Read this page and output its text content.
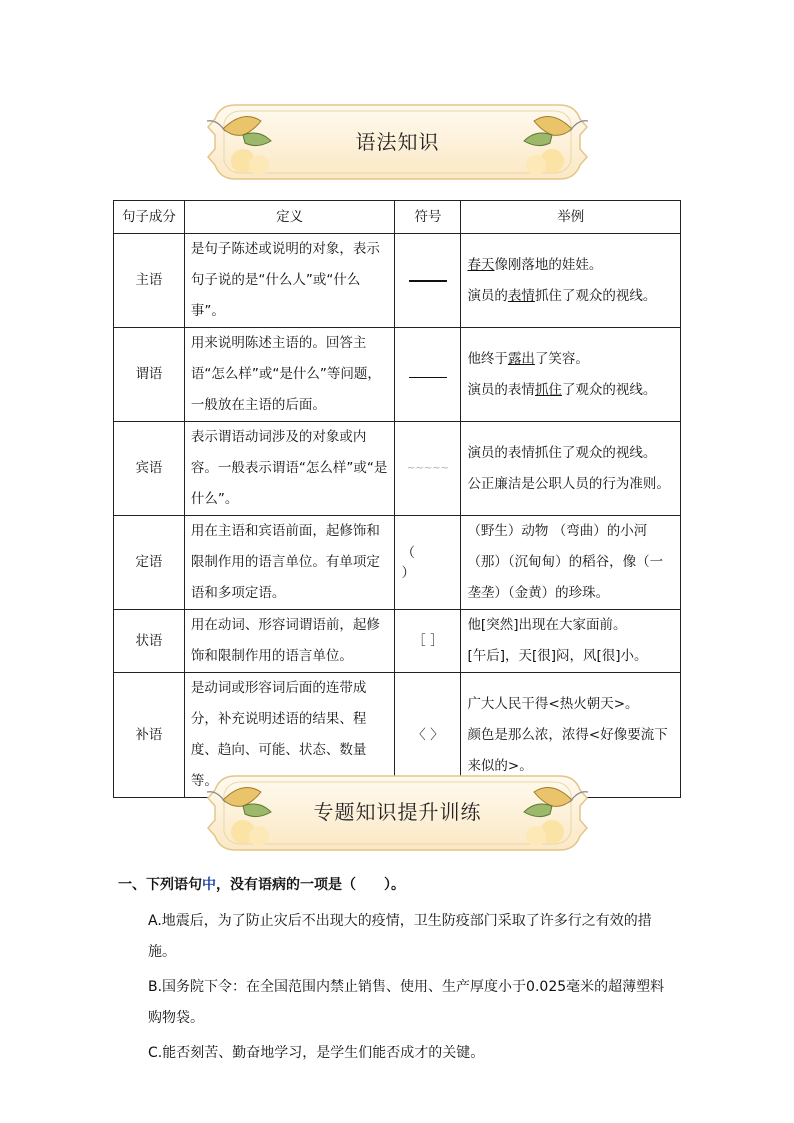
语法知识
句子成分	定义	符号	举例
主语	是句子陈述或说明的对象，表示句子说的是“什么人”或“什么事”。		春天像刚落地的娃娃。
演员的表情抓住了观众的视线。

谓语	用来说明陈述主语的。回答主语“怎么样”或“是什么”等问题，一般放在主语的后面。		他终于露出了笑容。
演员的表情抓住了观众的视线。

宾语	表示谓语动词涉及的对象或内容。一般表示谓语“怎么样”或“是什么”。	~~~~~	演员的表情抓住了观众的视线。
公正廉洁是公职人员的行为准则。

定语	用在主语和宾语前面，起修饰和限制作用的语言单位。有单项定语和多项定语。	（
）	（野生）动物 （弯曲）的小河（那）（沉甸甸）的稻谷，像（一垄垄）（金黄）的珍珠。
状语	用在动词、形容词谓语前，起修饰和限制作用的语言单位。	［ ］	他[突然]出现在大家面前。
[午后]，天[很]闷，风[很]小。

补语	是动词或形容词后面的连带成分，补充说明述语的结果、程度、趋向、可能、状态、数量等。	〈 〉	广大人民干得<热火朝天>。
颜色是那么浓，浓得<好像要流下来似的>。
专题知识提升训练
一、下列语句中，没有语病的一项是（　　）。
A.地震后，为了防止灾后不出现大的疫情，卫生防疫部门采取了许多行之有效的措施。
B.国务院下令：在全国范围内禁止销售、使用、生产厚度小于0.025毫米的超薄塑料购物袋。
C.能否刻苦、勤奋地学习，是学生们能否成才的关键。
